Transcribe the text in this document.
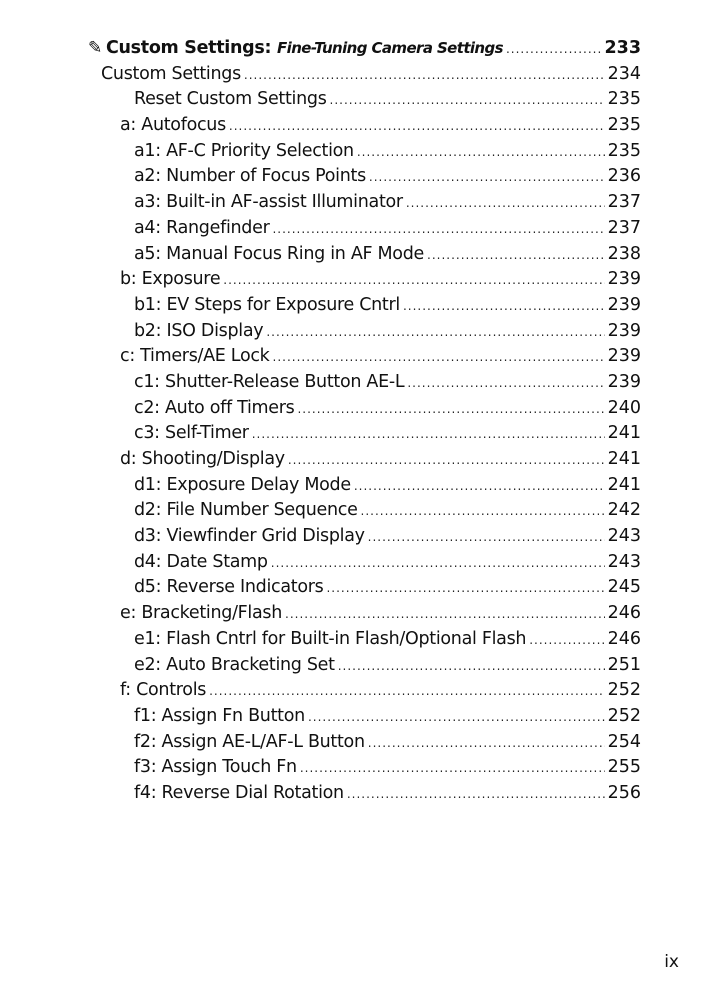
✎ Custom Settings: Fine-Tuning Camera Settings .....	233
Custom Settings .....	234
Reset Custom Settings .....	235
a: Autofocus .....	235
a1: AF-C Priority Selection .....	235
a2: Number of Focus Points .....	236
a3: Built-in AF-assist Illuminator .....	237
a4: Rangefinder .....	237
a5: Manual Focus Ring in AF Mode .....	238
b: Exposure .....	239
b1: EV Steps for Exposure Cntrl .....	239
b2: ISO Display .....	239
c: Timers/AE Lock .....	239
c1: Shutter-Release Button AE-L .....	239
c2: Auto off Timers .....	240
c3: Self-Timer .....	241
d: Shooting/Display .....	241
d1: Exposure Delay Mode .....	241
d2: File Number Sequence .....	242
d3: Viewfinder Grid Display .....	243
d4: Date Stamp .....	243
d5: Reverse Indicators .....	245
e: Bracketing/Flash .....	246
e1: Flash Cntrl for Built-in Flash/Optional Flash .....	246
e2: Auto Bracketing Set .....	251
f: Controls .....	252
f1: Assign Fn Button .....	252
f2: Assign AE-L/AF-L Button .....	254
f3: Assign Touch Fn .....	255
f4: Reverse Dial Rotation .....	256
ix
